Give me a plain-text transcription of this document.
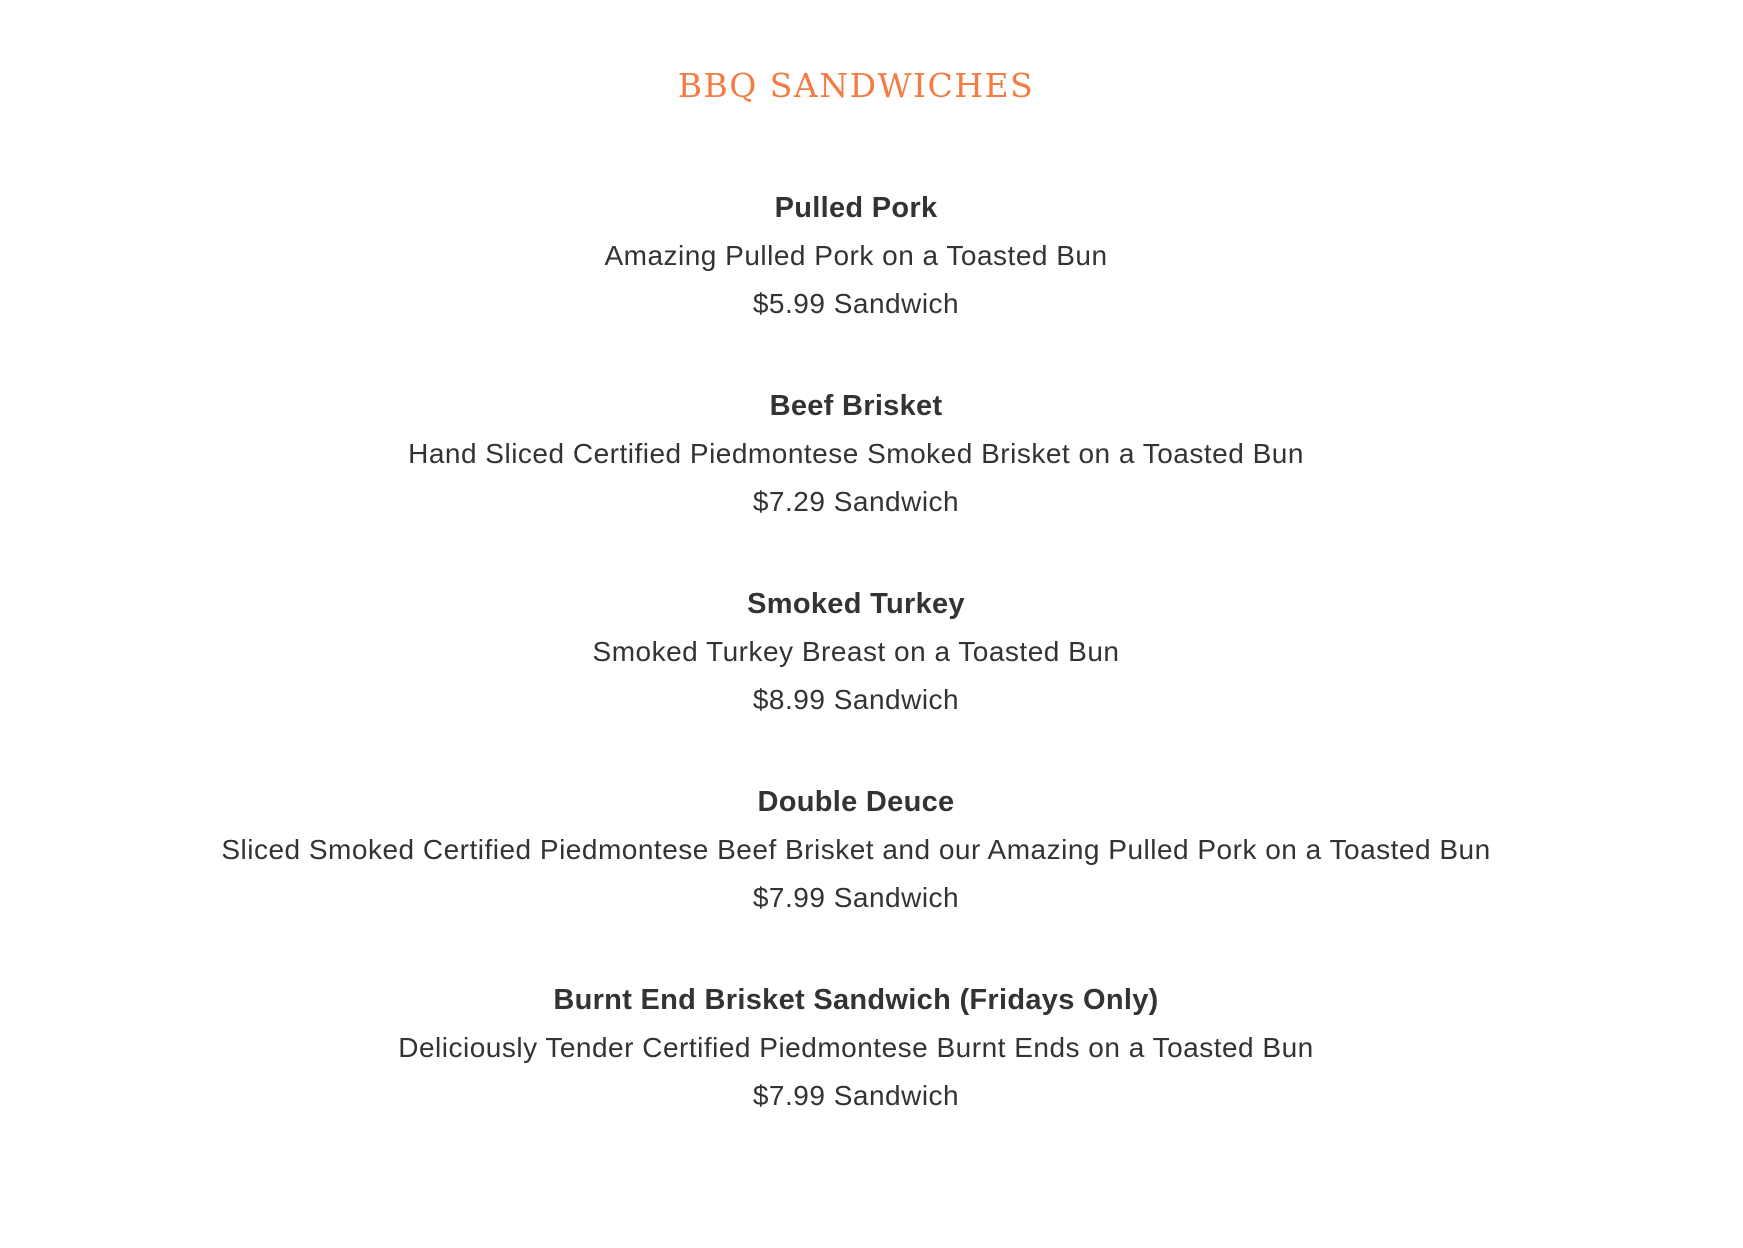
BBQ SANDWICHES

Pulled Pork

Amazing Pulled Pork on a Toasted Bun

$5.99 Sandwich

Beef Brisket

Hand Sliced Certified Piedmontese Smoked Brisket on a Toasted Bun

$7.29 Sandwich

Smoked Turkey

Smoked Turkey Breast on a Toasted Bun

$8.99 Sandwich

Double Deuce

Sliced Smoked Certified Piedmontese Beef Brisket and our Amazing Pulled Pork on a Toasted Bun

$7.99 Sandwich

Burnt End Brisket Sandwich (Fridays Only)

Deliciously Tender Certified Piedmontese Burnt Ends on a Toasted Bun

$7.99 Sandwich
